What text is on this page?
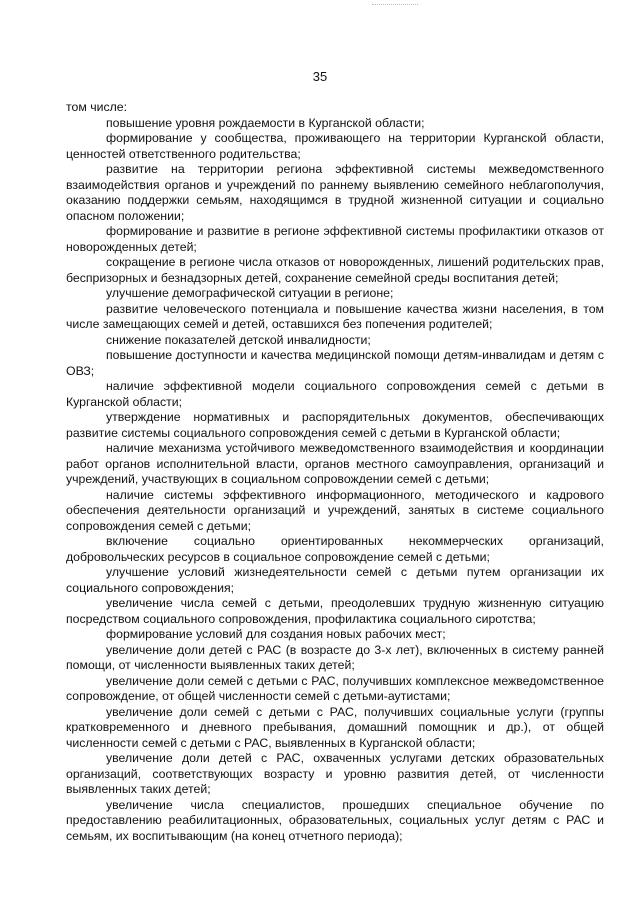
35

том числе:

повышение уровня рождаемости в Курганской области;

формирование у сообщества, проживающего на территории Курганской области, ценностей ответственного родительства;

развитие на территории региона эффективной системы межведомственного взаимодействия органов и учреждений по раннему выявлению семейного неблагополучия, оказанию поддержки семьям, находящимся в трудной жизненной ситуации и социально опасном положении;

формирование и развитие в регионе эффективной системы профилактики отказов от новорожденных детей;

сокращение в регионе числа отказов от новорожденных, лишений родительских прав, беспризорных и безнадзорных детей, сохранение семейной среды воспитания детей;

улучшение демографической ситуации в регионе;

развитие человеческого потенциала и повышение качества жизни населения, в том числе замещающих семей и детей, оставшихся без попечения родителей;

снижение показателей детской инвалидности;

повышение доступности и качества медицинской помощи детям-инвалидам и детям с ОВЗ;

наличие эффективной модели социального сопровождения семей с детьми в Курганской области;

утверждение нормативных и распорядительных документов, обеспечивающих развитие системы социального сопровождения семей с детьми в Курганской области;

наличие механизма устойчивого межведомственного взаимодействия и координации работ органов исполнительной власти, органов местного самоуправления, организаций и учреждений, участвующих в социальном сопровождении семей с детьми;

наличие системы эффективного информационного, методического и кадрового обеспечения деятельности организаций и учреждений, занятых в системе социального сопровождения семей с детьми;

включение социально ориентированных некоммерческих организаций, добровольческих ресурсов в социальное сопровождение семей с детьми;

улучшение условий жизнедеятельности семей с детьми путем организации их социального сопровождения;

увеличение числа семей с детьми, преодолевших трудную жизненную ситуацию посредством социального сопровождения, профилактика социального сиротства;

формирование условий для создания новых рабочих мест;

увеличение доли детей с РАС (в возрасте до 3-х лет), включенных в систему ранней помощи, от численности выявленных таких детей;

увеличение доли семей с детьми с РАС, получивших комплексное межведомственное сопровождение, от общей численности семей с детьми-аутистами;

увеличение доли семей с детьми с РАС, получивших социальные услуги (группы кратковременного и дневного пребывания, домашний помощник и др.), от общей численности семей с детьми с РАС, выявленных в Курганской области;

увеличение доли детей с РАС, охваченных услугами детских образовательных организаций, соответствующих возрасту и уровню развития детей, от численности выявленных таких детей;

увеличение числа специалистов, прошедших специальное обучение по предоставлению реабилитационных, образовательных, социальных услуг детям с РАС и семьям, их воспитывающим (на конец отчетного периода);
